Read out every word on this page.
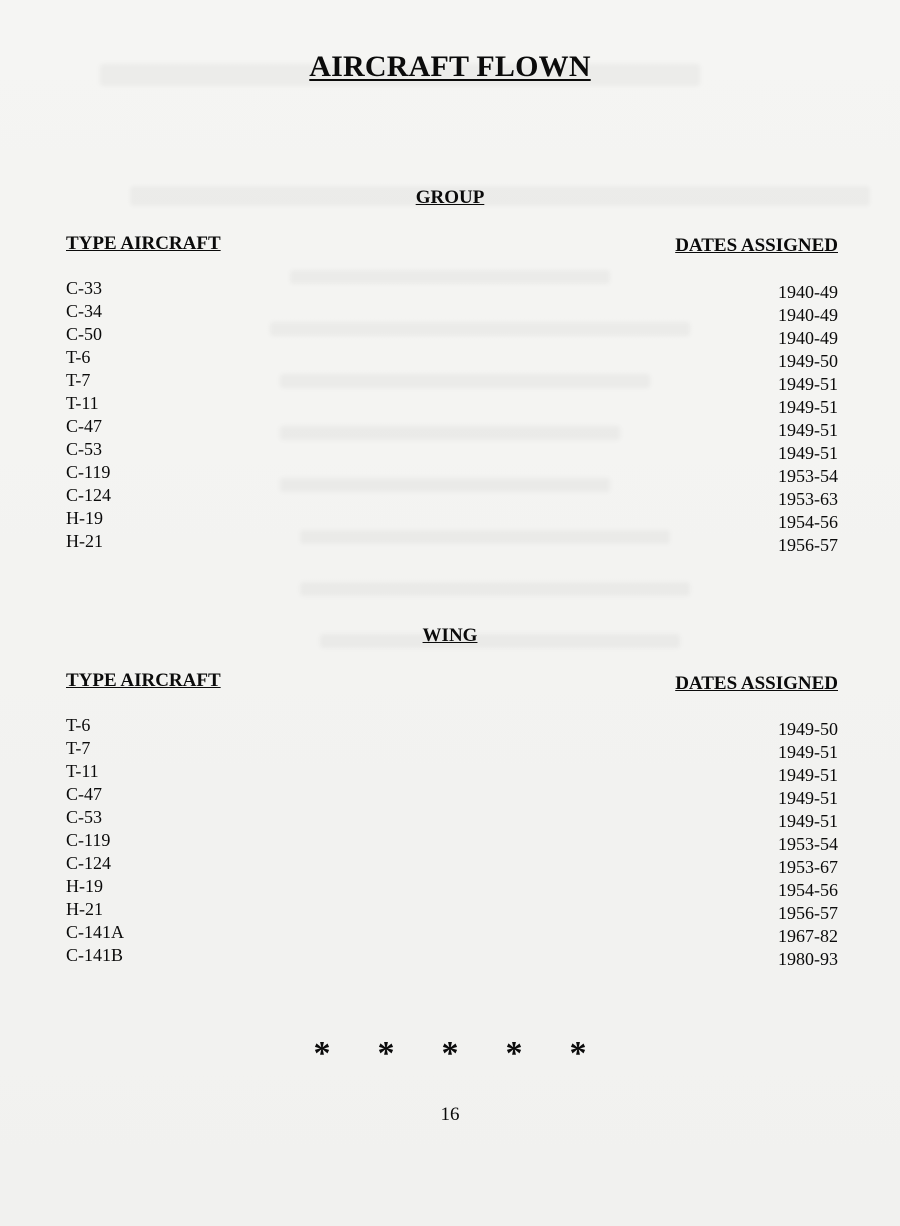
AIRCRAFT FLOWN
GROUP
TYPE AIRCRAFT	DATES ASSIGNED
C-33
C-34
C-50
T-6
T-7
T-11
C-47
C-53
C-119
C-124
H-19
H-21
1940-49
1940-49
1940-49
1949-50
1949-51
1949-51
1949-51
1949-51
1953-54
1953-63
1954-56
1956-57
WING
TYPE AIRCRAFT	DATES ASSIGNED
T-6
T-7
T-11
C-47
C-53
C-119
C-124
H-19
H-21
C-141A
C-141B
1949-50
1949-51
1949-51
1949-51
1949-51
1953-54
1953-67
1954-56
1956-57
1967-82
1980-93
* * * * *
16
